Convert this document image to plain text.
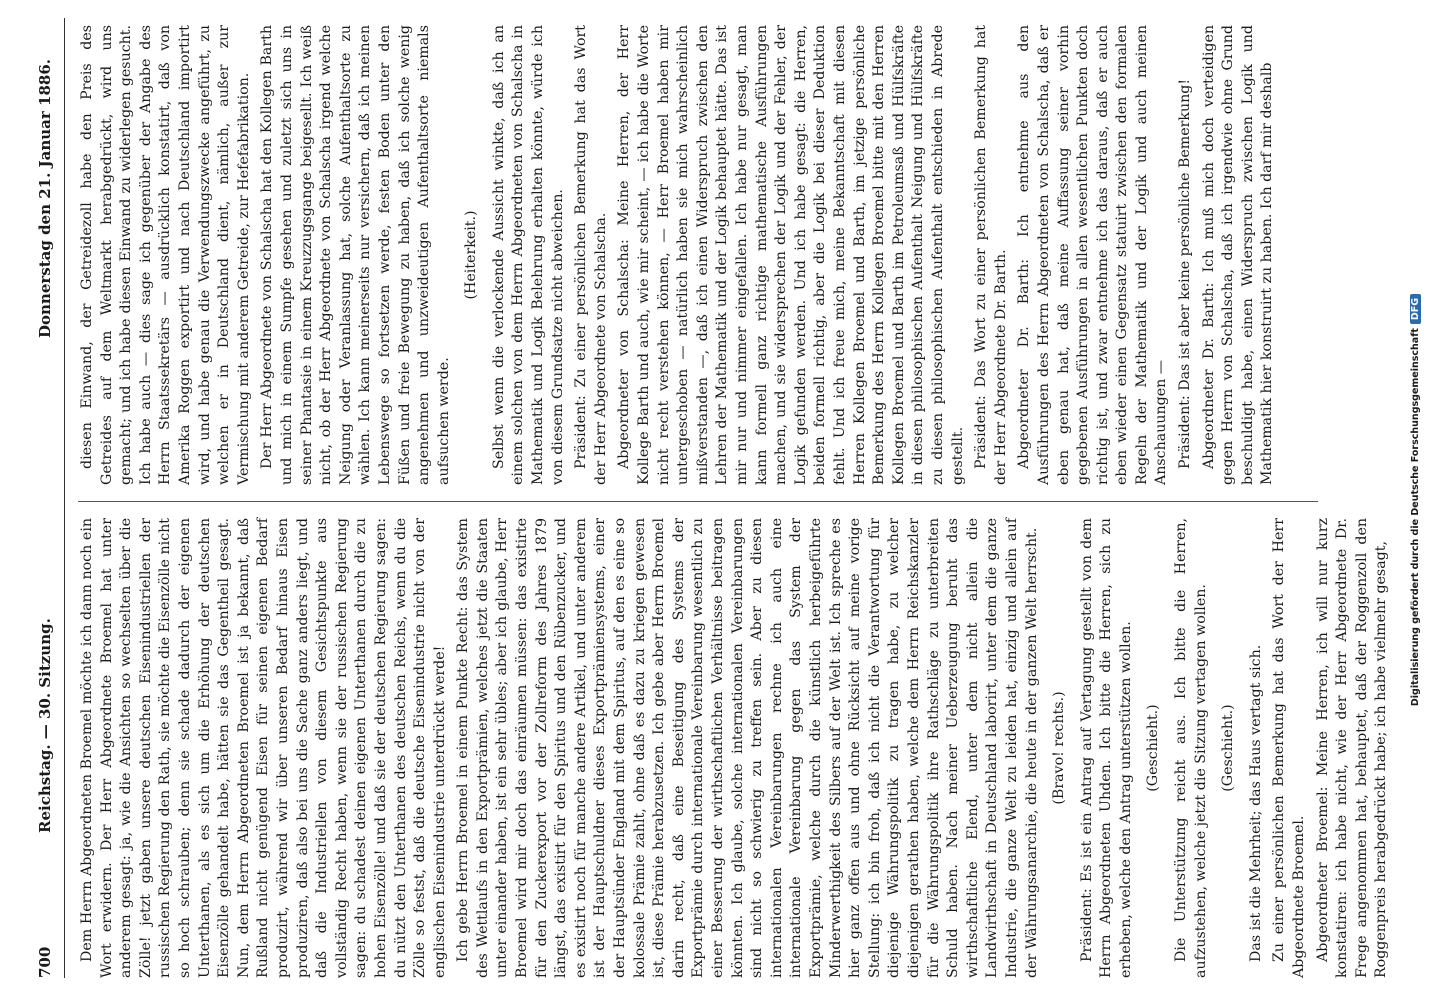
700
Reichstag. — 30. Sitzung.
Donnerstag den 21. Januar 1886.

Dem Herrn Abgeordneten Broemel möchte ich dann noch ein Wort erwidern. Der Herr Abgeordnete Broemel hat unter anderem gesagt: ja, wie die Ansichten so wechselten über die Zölle! jetzt gaben unsere deutschen Eisenindustriellen der russischen Regierung den Rath, sie möchte die Eisenzölle nicht so hoch schrauben; denn sie schade dadurch der eigenen Unterthanen, als es sich um die Erhöhung der deutschen Eisenzölle gehandelt habe, hätten sie das Gegentheil gesagt. Nun, dem Herrn Abgeordneten Broemel ist ja bekannt, daß Rußland nicht genügend Eisen für seinen eigenen Bedarf produzirt, während wir über unseren Bedarf hinaus Eisen produziren, daß also bei uns die Sache ganz anders liegt, und daß die Industriellen von diesem Gesichtspunkte aus vollständig Recht haben, wenn sie der russischen Regierung sagen: du schadest deinen eigenen Unterthanen durch die zu hohen Eisenzölle! und daß sie der deutschen Regierung sagen: du nützt den Unterthanen des deutschen Reichs, wenn du die Zölle so festst, daß die deutsche Eisenindustrie nicht von der englischen Eisenindustrie unterdrückt werde! Ich gebe Herrn Broemel in einem Punkte Recht: das System des Wettlaufs in den Exportprämien, welches jetzt die Staaten unter einander haben, ist ein sehr übles; aber ich glaube, Herr Broemel wird mir doch das einräumen müssen: das existirte für den Zuckerexport vor der Zollreform des Jahres 1879 längst, das existirt für den Spiritus und den Rübenzucker, und es existirt noch für manche andere Artikel, und unter anderem ist der Hauptschuldner dieses Exportprämiensystems, einer der Hauptsünder England mit dem Spiritus, auf den es eine so kolossale Prämie zahlt, ohne daß es dazu zu kriegen gewesen ist, diese Prämie herabzusetzen. Ich gebe aber Herrn Broemel darin recht, daß eine Beseitigung des Systems der Exportprämie durch internationale Vereinbarung wesentlich zu einer Besserung der wirthschaftlichen Verhältnisse beitragen könnten. Ich glaube, solche internationalen Vereinbarungen sind nicht so schwierig zu treffen sein. Aber zu diesen internationalen Vereinbarungen rechne ich auch eine internationale Vereinbarung gegen das System der Exportprämie, welche durch die künstlich herbeigeführte Minderwerthigkeit des Silbers auf der Welt ist. Ich spreche es hier ganz offen aus und ohne Rücksicht auf meine vorige Stellung: ich bin froh, daß ich nicht die Verantwortung für diejenige Währungspolitik zu tragen habe, zu welcher diejenigen gerathen haben, welche dem Herrn Reichskanzler für die Währungspolitik ihre Rathschläge zu unterbreiten Schuld haben. Nach meiner Ueberzeugung beruht das wirthschaftliche Elend, unter dem nicht allein die Landwirthschaft in Deutschland laborirt, unter dem die ganze Industrie, die ganze Welt zu leiden hat, einzig und allein auf der Währungsanarchie, die heute in der ganzen Welt herrscht. (Bravo! rechts.) Präsident: Es ist ein Antrag auf Vertagung gestellt von dem Herrn Abgeordneten Uhden. Ich bitte die Herren, sich zu erheben, welche den Antrag unterstützen wollen. (Geschieht.) Die Unterstützung reicht aus. Ich bitte die Herren, aufzustehen, welche jetzt die Sitzung vertagen wollen. (Geschieht.) Das ist die Mehrheit; das Haus vertagt sich. Zu einer persönlichen Bemerkung hat das Wort der Herr Abgeordnete Broemel. Abgeordneter Broemel: Meine Herren, ich will nur kurz konstatiren: ich habe nicht, wie der Herr Abgeordnete Dr. Frege angenommen hat, behauptet, daß der Roggenzoll den Roggenpreis herabgedrückt habe; ich habe vielmehr gesagt,

diesen Einwand, der Getreidezoll habe den Preis des Getreides auf dem Weltmarkt herabgedrückt, wird uns gemacht; und ich habe diesen Einwand zu widerlegen gesucht. Ich habe auch — dies sage ich gegenüber der Angabe des Herrn Staatssekretärs — ausdrücklich konstatirt, daß von Amerika Roggen exportirt und nach Deutschland importirt wird, und habe genau die Verwendungszwecke angeführt, zu welchen er in Deutschland dient, nämlich, außer zur Vermischung mit anderem Getreide, zur Hefefabrikation. Der Herr Abgeordnete von Schalscha hat den Kollegen Barth und mich in einem Sumpfe gesehen und zuletzt sich uns in seiner Phantasie in einem Kreuzzugsgange beigesellt. Ich weiß nicht, ob der Herr Abgeordnete von Schalscha irgend welche Neigung oder Veranlassung hat, solche Aufenthaltsorte zu wählen. Ich kann meinerseits nur versichern, daß ich meinen Lebenswege so fortsetzen werde, festen Boden unter den Füßen und freie Bewegung zu haben, daß ich solche wenig angenehmen und unzweideutigen Aufenthaltsorte niemals aufsuchen werde.

(Heiterkeit.) Selbst wenn die verlockende Aussicht winkte, daß ich an einem solchen von dem Herrn Abgeordneten von Schalscha in Mathematik und Logik Belehrung erhalten könnte, würde ich von diesem Grundsatze nicht abweichen. Präsident: Zu einer persönlichen Bemerkung hat das Wort der Herr Abgeordnete von Schalscha. Abgeordneter von Schalscha: Meine Herren, der Herr Kollege Barth und auch, wie mir scheint, — ich habe die Worte nicht recht verstehen können, — Herr Broemel haben mir untergeschoben — natürlich haben sie mich wahrscheinlich mißverstanden —, daß ich einen Widerspruch zwischen den Lehren der Mathematik und der Logik behauptet hätte. Das ist mir nur und nimmer eingefallen. Ich habe nur gesagt, man kann formell ganz richtige mathematische Ausführungen machen, und sie widersprechen der Logik und der Fehler, der Logik gefunden werden. Und ich habe gesagt: die Herren, beiden formell richtig, aber die Logik bei dieser Deduktion fehlt. Und ich freue mich, meine Bekanntschaft mit diesen Herren Kollegen Broemel und Barth, im jetzige persönliche Bemerkung des Herrn Kollegen Broemel bitte mit den Herren Kollegen Broemel und Barth im Petroleumsaß und Hülfskräfte in diesen philosophischen Aufenthalt Neigung und Hülfskräfte zu diesen philosophischen Aufenthalt entschieden in Abrede gestellt. Präsident: Das Wort zu einer persönlichen Bemerkung hat der Herr Abgeordnete Dr. Barth. Abgeordneter Dr. Barth: Ich entnehme aus den Ausführungen des Herrn Abgeordneten von Schalscha, daß er eben genau hat, daß meine Auffassung seiner vorhin gegebenen Ausführungen in allen wesentlichen Punkten doch richtig ist, und zwar entnehme ich das daraus, daß er auch eben wieder einen Gegensatz statuirt zwischen den formalen Regeln der Mathematik und der Logik und auch meinen Anschauungen — Präsident: Das ist aber keine persönliche Bemerkung! Abgeordneter Dr. Barth: Ich muß mich doch verteidigen gegen Herrn von Schalscha, daß ich irgendwie ohne Grund beschuldigt habe, einen Widerspruch zwischen Logik und Mathematik hier konstruirt zu haben. Ich darf mir deshalb

Digitalisierung gefördert durch die Deutsche ForschungsgemeinschaftDFG
